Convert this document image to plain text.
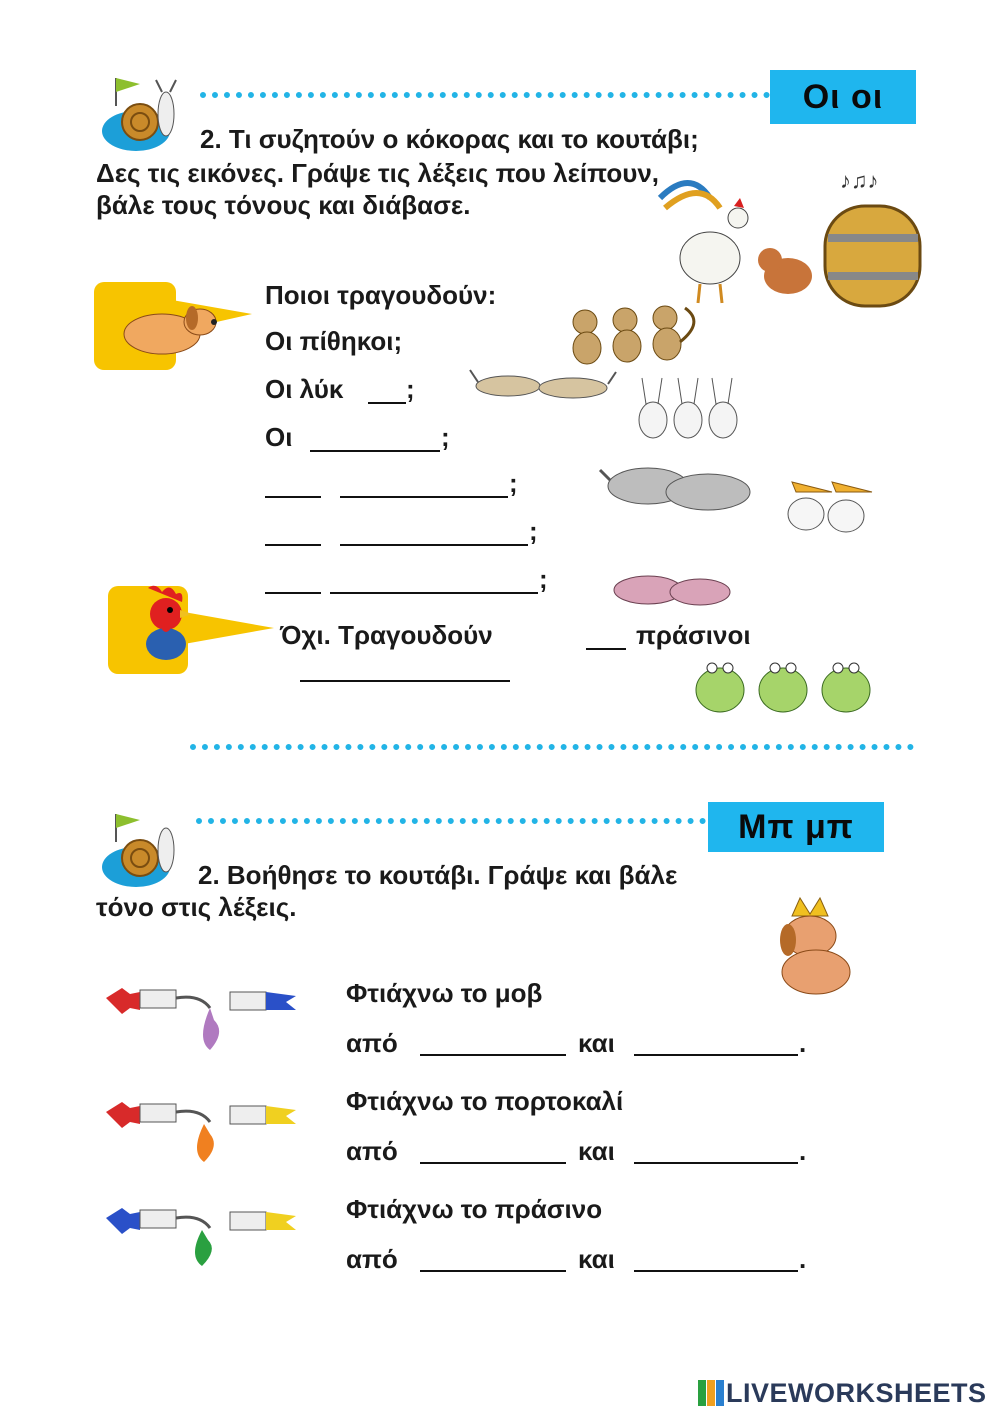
Οι οι
2. Τι συζητούν ο κόκορας και το κουτάβι;
Δες τις εικόνες. Γράψε τις λέξεις που λείπουν,
βάλε τους τόνους και διάβασε.
♪♫♪
Ποιοι τραγουδούν:
Οι πίθηκοι;
Οι λύκ ;
Οι	;
;
;
;
Όχι. Τραγουδούν	πράσινοι
Μπ μπ
2. Βοήθησε το κουτάβι. Γράψε και βάλε
τόνο στις λέξεις.
Φτιάχνω το μοβ
από	και	.
Φτιάχνω το πορτοκαλί
από	και	.
Φτιάχνω το πράσινο
από	και	.
LIVEWORKSHEETS
